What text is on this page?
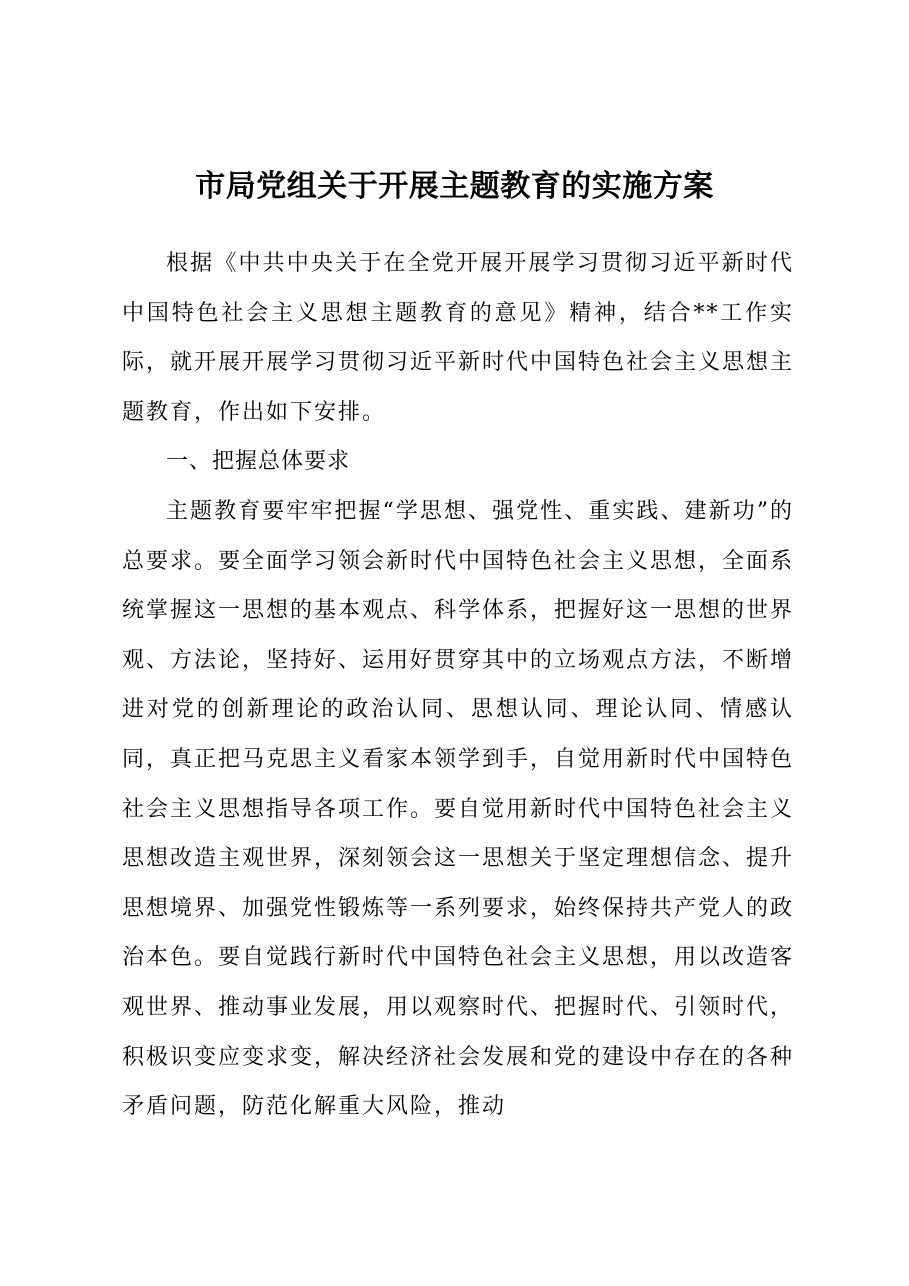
市局党组关于开展主题教育的实施方案

根据《中共中央关于在全党开展开展学习贯彻习近平新时代中国特色社会主义思想主题教育的意见》精神，结合**工作实际，就开展开展学习贯彻习近平新时代中国特色社会主义思想主题教育，作出如下安排。

一、把握总体要求

主题教育要牢牢把握“学思想、强党性、重实践、建新功”的总要求。要全面学习领会新时代中国特色社会主义思想，全面系统掌握这一思想的基本观点、科学体系，把握好这一思想的世界观、方法论，坚持好、运用好贯穿其中的立场观点方法，不断增进对党的创新理论的政治认同、思想认同、理论认同、情感认同，真正把马克思主义看家本领学到手，自觉用新时代中国特色社会主义思想指导各项工作。要自觉用新时代中国特色社会主义思想改造主观世界，深刻领会这一思想关于坚定理想信念、提升思想境界、加强党性锻炼等一系列要求，始终保持共产党人的政治本色。要自觉践行新时代中国特色社会主义思想，用以改造客观世界、推动事业发展，用以观察时代、把握时代、引领时代，积极识变应变求变，解决经济社会发展和党的建设中存在的各种矛盾问题，防范化解重大风险，推动
